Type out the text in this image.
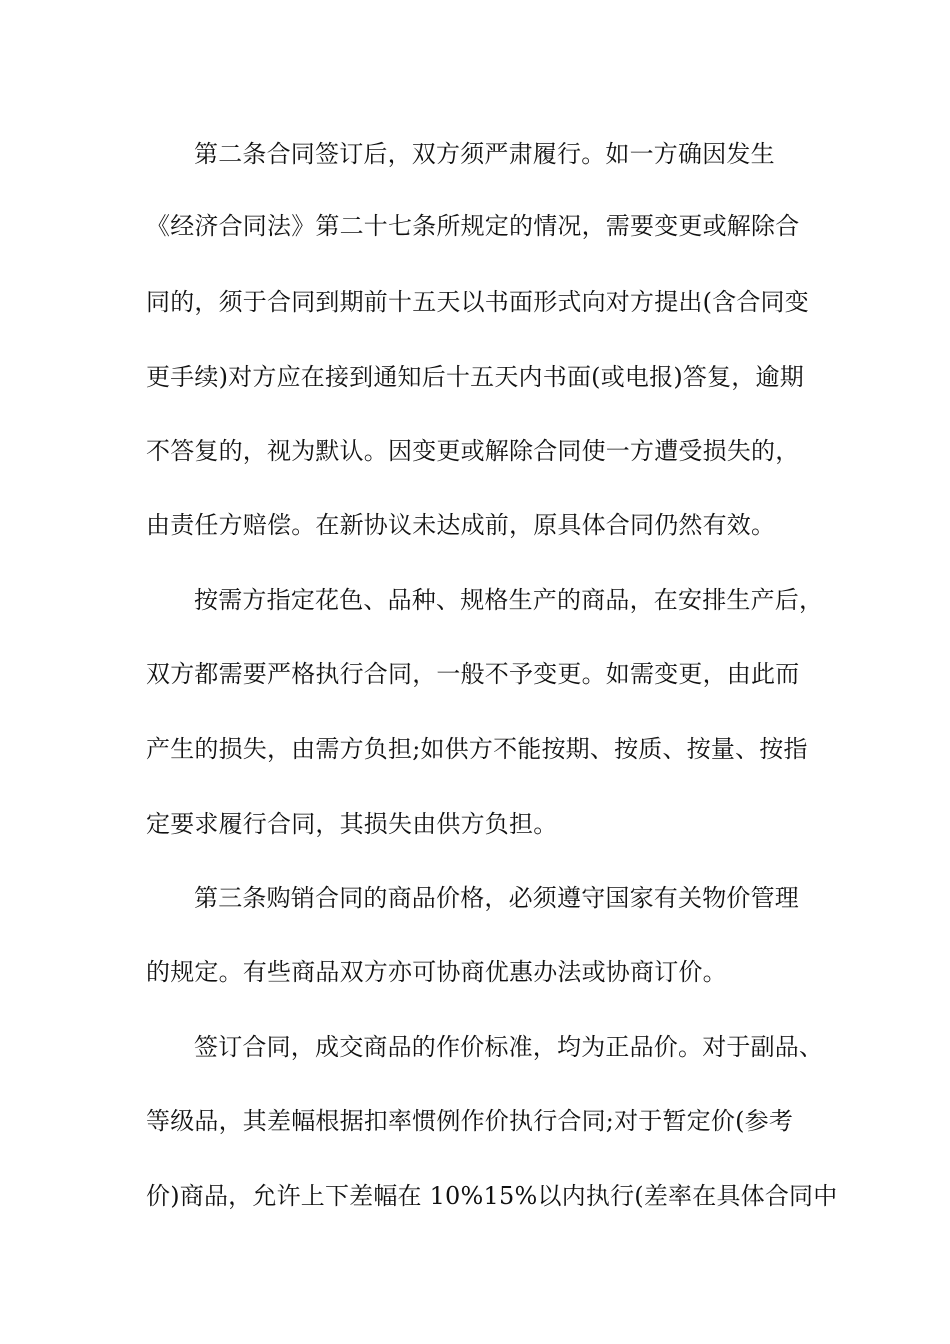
第二条合同签订后，双方须严肃履行。如一方确因发生
《经济合同法》第二十七条所规定的情况，需要变更或解除合
同的，须于合同到期前十五天以书面形式向对方提出(含合同变
更手续)对方应在接到通知后十五天内书面(或电报)答复，逾期
不答复的，视为默认。因变更或解除合同使一方遭受损失的，
由责任方赔偿。在新协议未达成前，原具体合同仍然有效。
按需方指定花色、品种、规格生产的商品，在安排生产后，
双方都需要严格执行合同，一般不予变更。如需变更，由此而
产生的损失，由需方负担;如供方不能按期、按质、按量、按指
定要求履行合同，其损失由供方负担。
第三条购销合同的商品价格，必须遵守国家有关物价管理
的规定。有些商品双方亦可协商优惠办法或协商订价。
签订合同，成交商品的作价标准，均为正品价。对于副品、
等级品，其差幅根据扣率惯例作价执行合同;对于暂定价(参考
价)商品，允许上下差幅在 10%15%以内执行(差率在具体合同中
